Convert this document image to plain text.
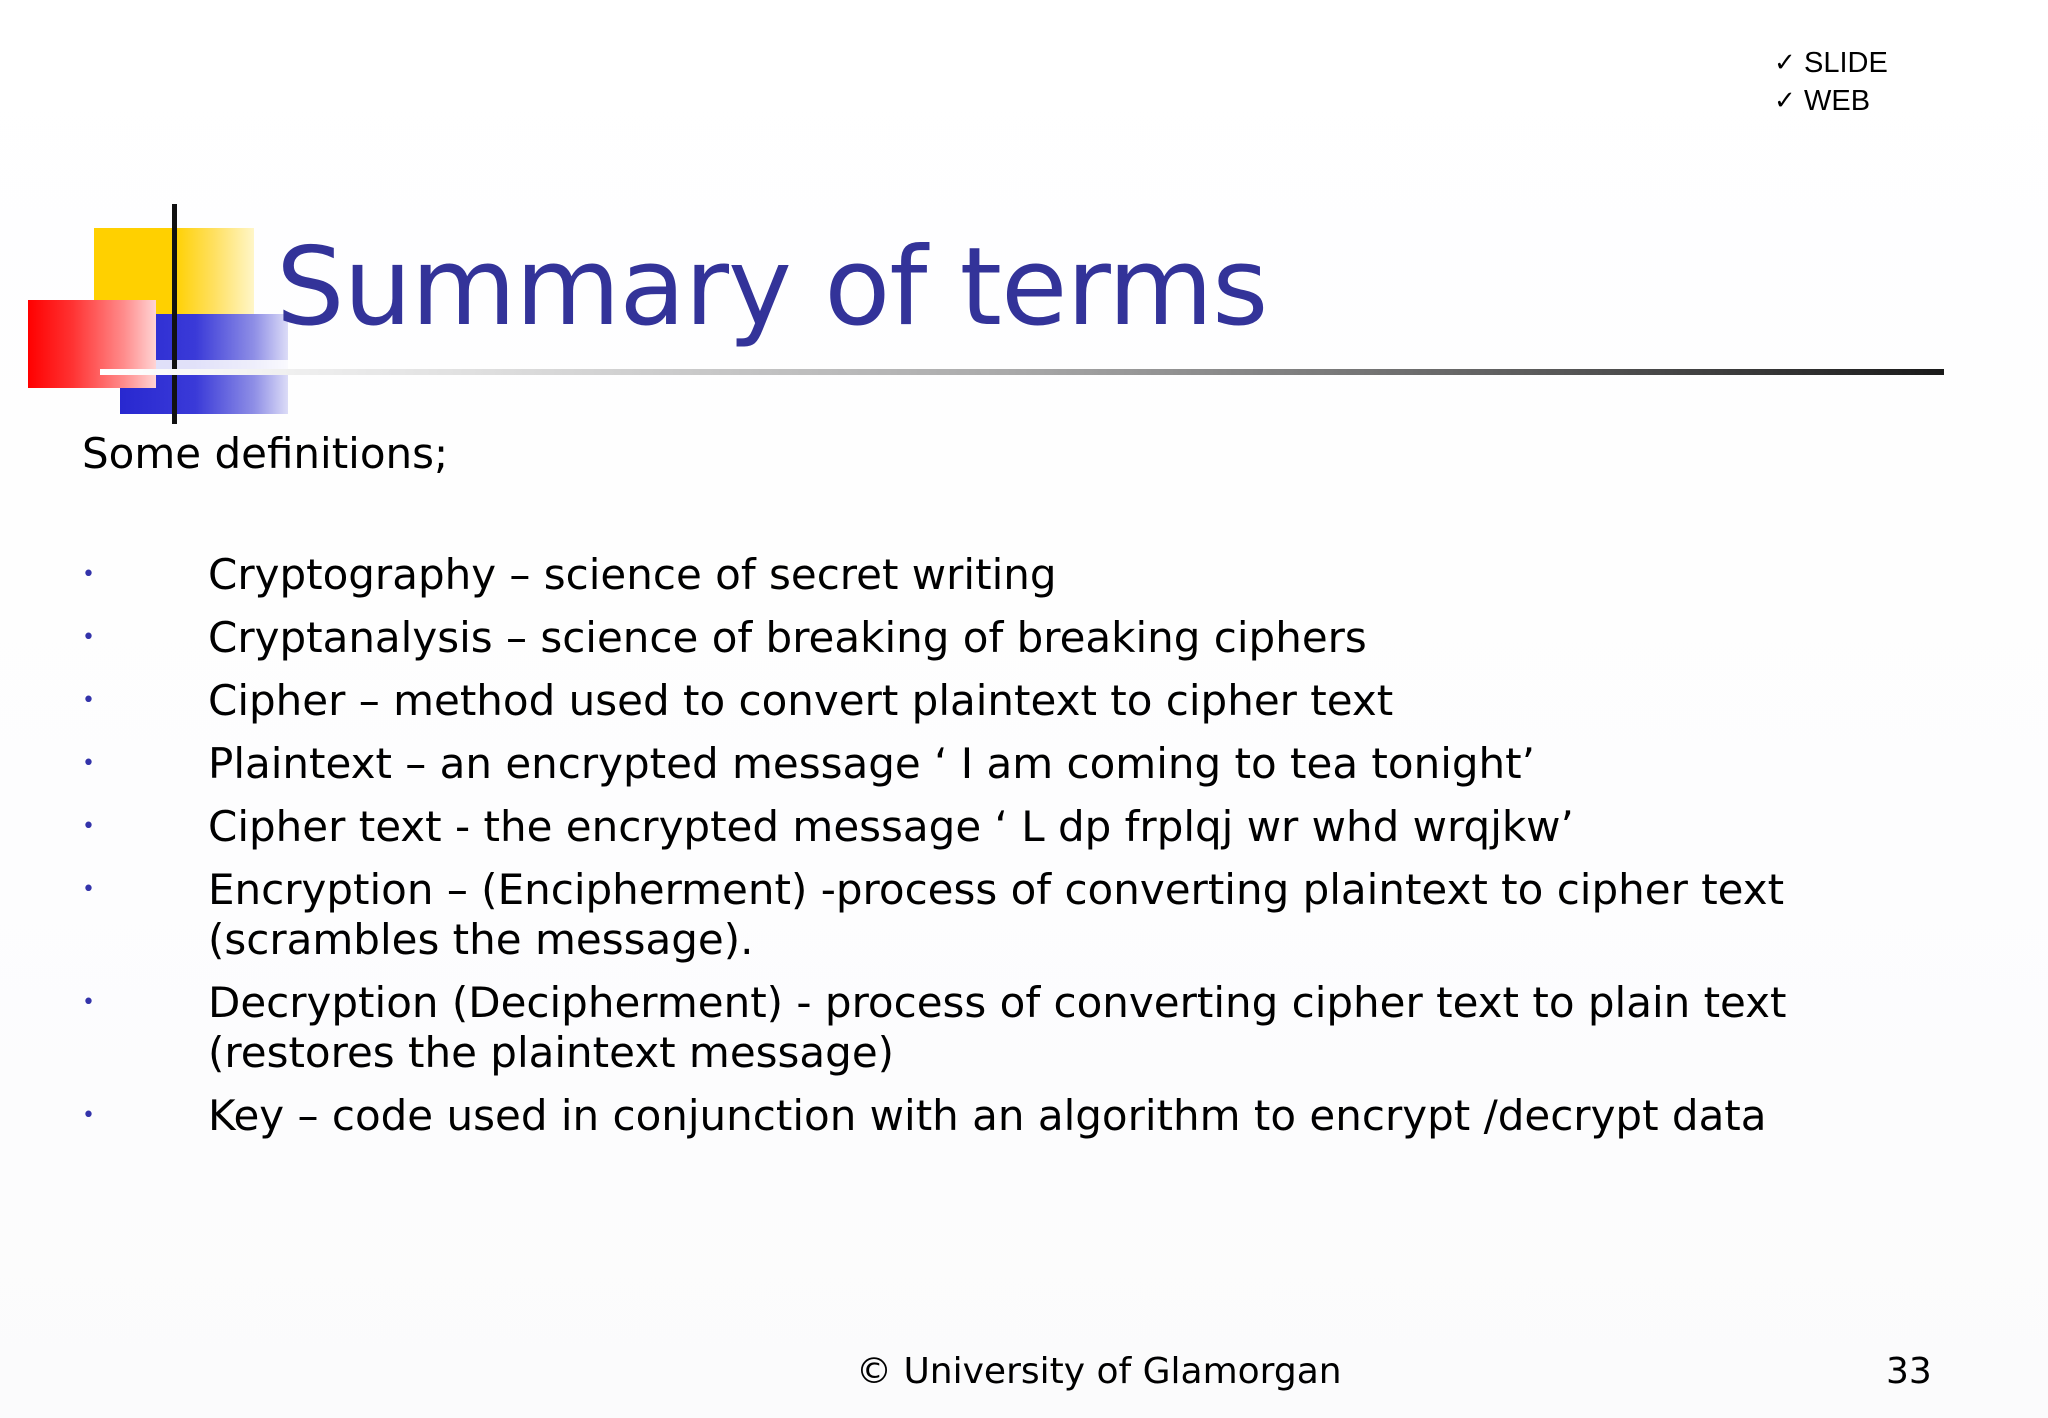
✓ SLIDE
✓ WEB
Summary of terms
Some definitions;
•	Cryptography – science of secret writing
•	Cryptanalysis – science of breaking of breaking ciphers
•	Cipher – method used to convert plaintext to cipher text
•	Plaintext – an encrypted message ‘ I am coming to tea tonight’
•	Cipher text - the encrypted message ‘ L dp frplqj wr whd wrqjkw’
•	Encryption – (Encipherment) -process of converting plaintext to cipher text (scrambles the message).
•	Decryption (Decipherment) - process of converting cipher text to plain text (restores the plaintext message)
•	Key – code used in conjunction with an algorithm to encrypt /decrypt data
© University of Glamorgan	33
